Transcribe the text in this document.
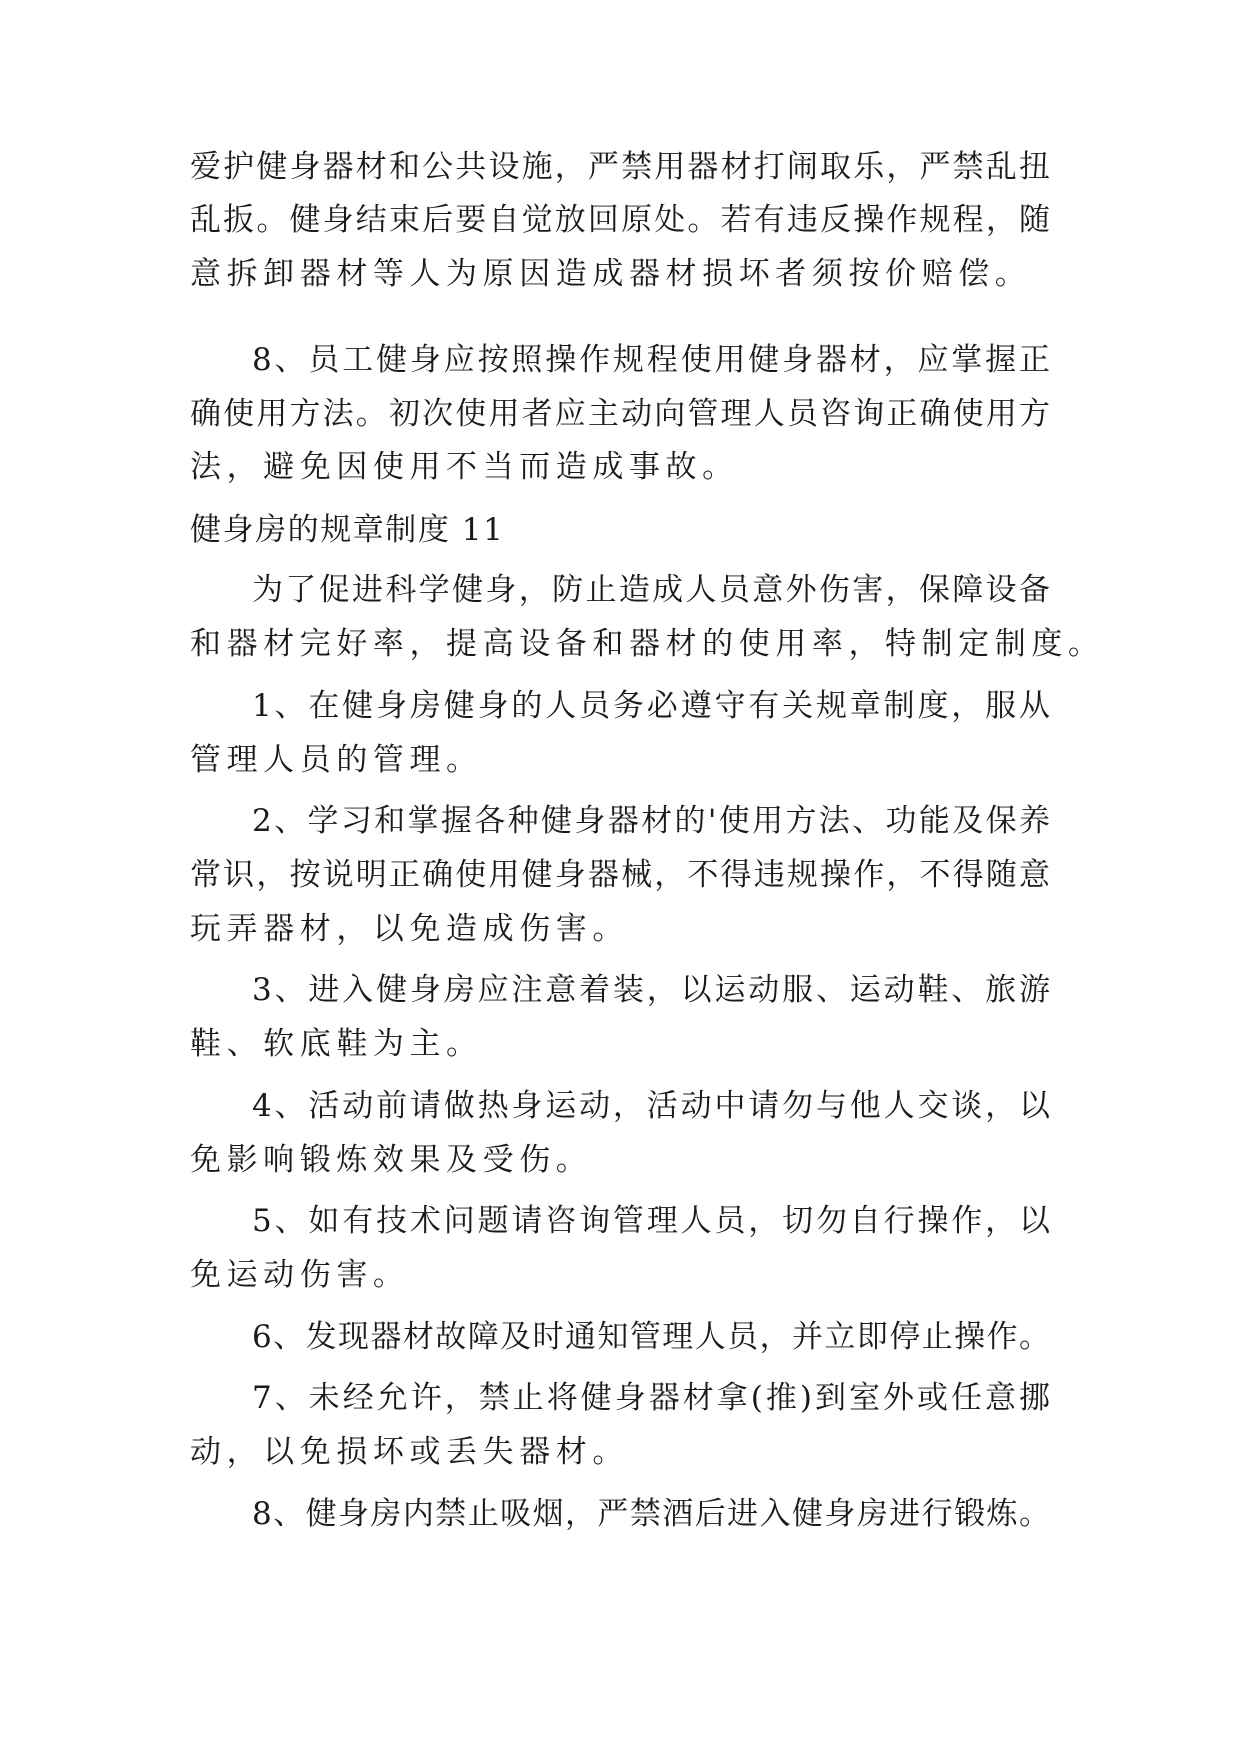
爱护健身器材和公共设施，严禁用器材打闹取乐，严禁乱扭
乱扳。健身结束后要自觉放回原处。若有违反操作规程，随
意拆卸器材等人为原因造成器材损坏者须按价赔偿。
8、员工健身应按照操作规程使用健身器材，应掌握正
确使用方法。初次使用者应主动向管理人员咨询正确使用方
法，避免因使用不当而造成事故。
健身房的规章制度 11
为了促进科学健身，防止造成人员意外伤害，保障设备
和器材完好率，提高设备和器材的使用率，特制定制度。
1、在健身房健身的人员务必遵守有关规章制度，服从
管理人员的管理。
2、学习和掌握各种健身器材的'使用方法、功能及保养
常识，按说明正确使用健身器械，不得违规操作，不得随意
玩弄器材，以免造成伤害。
3、进入健身房应注意着装，以运动服、运动鞋、旅游
鞋、软底鞋为主。
4、活动前请做热身运动，活动中请勿与他人交谈，以
免影响锻炼效果及受伤。
5、如有技术问题请咨询管理人员，切勿自行操作，以
免运动伤害。
6、发现器材故障及时通知管理人员，并立即停止操作。
7、未经允许，禁止将健身器材拿(推)到室外或任意挪
动，以免损坏或丢失器材。
8、健身房内禁止吸烟，严禁酒后进入健身房进行锻炼。
